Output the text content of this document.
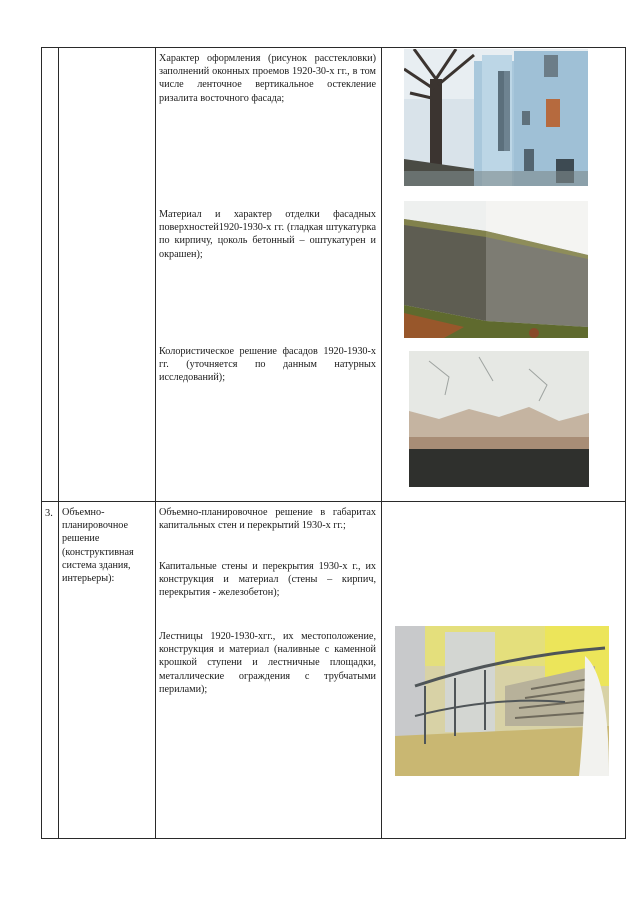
Характер оформления (рисунок расстекловки) заполнений оконных проемов 1920-30-х гг., в том числе ленточное вертикальное остекление ризалита восточного фасада;
Материал и характер отделки фасадных поверхностей1920-1930-х гг. (гладкая штукатурка по кирпичу, цоколь бетонный – оштукатурен и окрашен);
Колористическое решение фасадов 1920-1930-х гг. (уточняется по данным натурных исследований);
3. Объемно-планировочное решение (конструктивная система здания, интерьеры):
Объемно-планировочное решение в габаритах капитальных стен и перекрытий 1930-х гг.;
Капитальные стены и перекрытия 1930-х г., их конструкция и материал (стены – кирпич, перекрытия - железобетон);
Лестницы 1920-1930-хгг., их местоположение, конструкция и материал (наливные с каменной крошкой ступени и лестничные площадки, металлические ограждения с трубчатыми перилами);
